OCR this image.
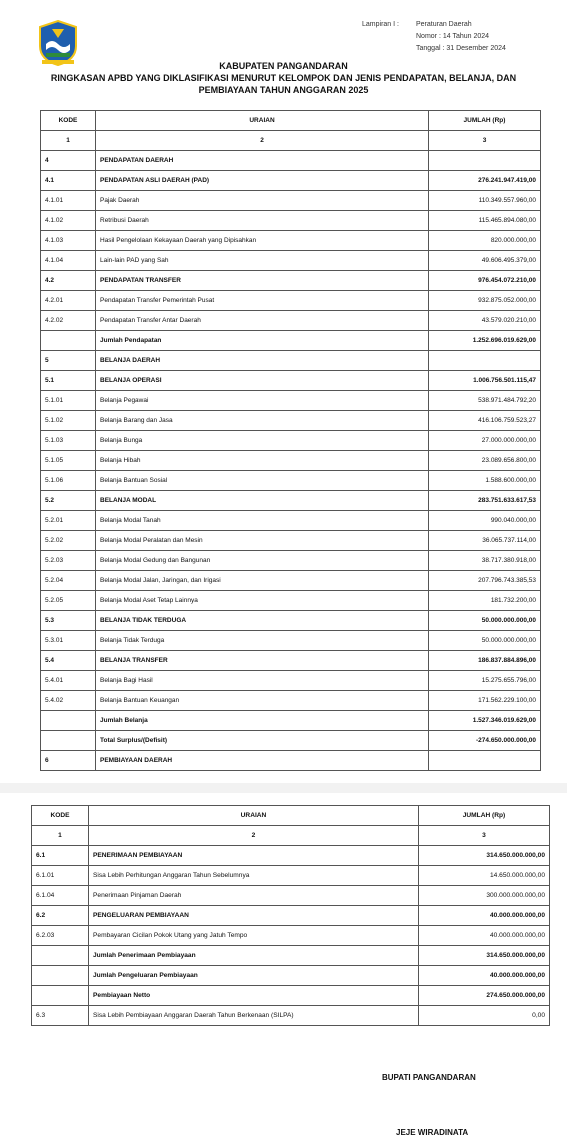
Lampiran I :	Peraturan Daerah
Nomor : 14 Tahun 2024
Tanggal : 31 Desember 2024
KABUPATEN PANGANDARAN
RINGKASAN APBD YANG DIKLASIFIKASI MENURUT KELOMPOK DAN JENIS PENDAPATAN, BELANJA, DAN
PEMBIAYAAN TAHUN ANGGARAN 2025
KODE	URAIAN	JUMLAH (Rp)
1	2	3
4	PENDAPATAN DAERAH	
4.1	PENDAPATAN ASLI DAERAH (PAD)	276.241.947.419,00
4.1.01	Pajak Daerah	110.349.557.960,00
4.1.02	Retribusi Daerah	115.465.894.080,00
4.1.03	Hasil Pengelolaan Kekayaan Daerah yang Dipisahkan	820.000.000,00
4.1.04	Lain-lain PAD yang Sah	49.606.495.379,00
4.2	PENDAPATAN TRANSFER	976.454.072.210,00
4.2.01	Pendapatan Transfer Pemerintah Pusat	932.875.052.000,00
4.2.02	Pendapatan Transfer Antar Daerah	43.579.020.210,00
	Jumlah Pendapatan	1.252.696.019.629,00
5	BELANJA DAERAH	
5.1	BELANJA OPERASI	1.006.756.501.115,47
5.1.01	Belanja Pegawai	538.971.484.792,20
5.1.02	Belanja Barang dan Jasa	416.106.759.523,27
5.1.03	Belanja Bunga	27.000.000.000,00
5.1.05	Belanja Hibah	23.089.656.800,00
5.1.06	Belanja Bantuan Sosial	1.588.600.000,00
5.2	BELANJA MODAL	283.751.633.617,53
5.2.01	Belanja Modal Tanah	990.040.000,00
5.2.02	Belanja Modal Peralatan dan Mesin	36.065.737.114,00
5.2.03	Belanja Modal Gedung dan Bangunan	38.717.380.918,00
5.2.04	Belanja Modal Jalan, Jaringan, dan Irigasi	207.796.743.385,53
5.2.05	Belanja Modal Aset Tetap Lainnya	181.732.200,00
5.3	BELANJA TIDAK TERDUGA	50.000.000.000,00
5.3.01	Belanja Tidak Terduga	50.000.000.000,00
5.4	BELANJA TRANSFER	186.837.884.896,00
5.4.01	Belanja Bagi Hasil	15.275.655.796,00
5.4.02	Belanja Bantuan Keuangan	171.562.229.100,00
	Jumlah Belanja	1.527.346.019.629,00
	Total Surplus/(Defisit)	-274.650.000.000,00
6	PEMBIAYAAN DAERAH	
KODE	URAIAN	JUMLAH (Rp)
1	2	3
6.1	PENERIMAAN PEMBIAYAAN	314.650.000.000,00
6.1.01	Sisa Lebih Perhitungan Anggaran Tahun Sebelumnya	14.650.000.000,00
6.1.04	Penerimaan Pinjaman Daerah	300.000.000.000,00
6.2	PENGELUARAN PEMBIAYAAN	40.000.000.000,00
6.2.03	Pembayaran Cicilan Pokok Utang yang Jatuh Tempo	40.000.000.000,00
	Jumlah Penerimaan Pembiayaan	314.650.000.000,00
	Jumlah Pengeluaran Pembiayaan	40.000.000.000,00
	Pembiayaan Netto	274.650.000.000,00
6.3	Sisa Lebih Pembiayaan Anggaran Daerah Tahun Berkenaan (SILPA)	0,00
BUPATI PANGANDARAN
JEJE WIRADINATA
